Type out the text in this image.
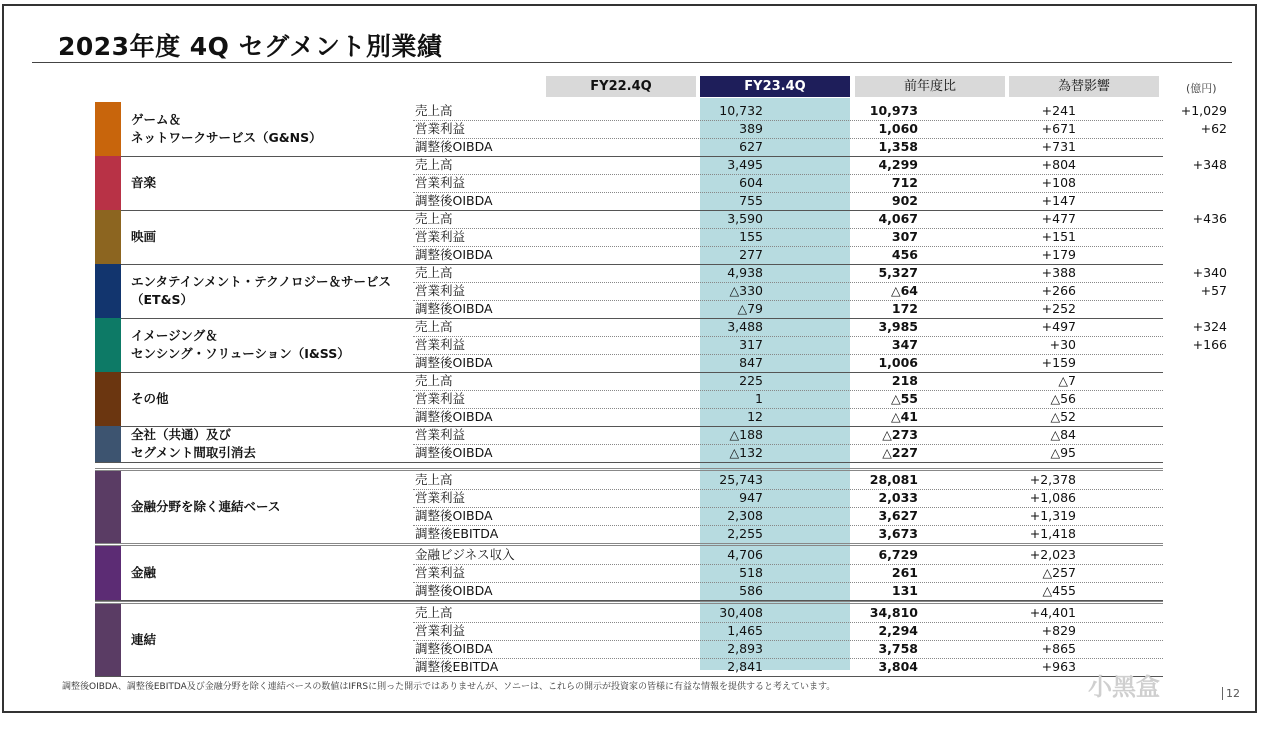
2023年度 4Q セグメント別業績
FY22.4Q	FY23.4Q	前年度比	為替影響	(億円)
ゲーム＆
ネットワークサービス（G&NS）
売上高	10,732	10,973	+241	+1,029
営業利益	389	1,060	+671	+62
調整後OIBDA	627	1,358	+731
音楽
売上高	3,495	4,299	+804	+348
営業利益	604	712	+108
調整後OIBDA	755	902	+147
映画
売上高	3,590	4,067	+477	+436
営業利益	155	307	+151
調整後OIBDA	277	456	+179
エンタテインメント・テクノロジー＆サービス
（ET&S）
売上高	4,938	5,327	+388	+340
営業利益	△330	△64	+266	+57
調整後OIBDA	△79	172	+252
イメージング＆
センシング・ソリューション（I&SS）
売上高	3,488	3,985	+497	+324
営業利益	317	347	+30	+166
調整後OIBDA	847	1,006	+159
その他
売上高	225	218	△7
営業利益	1	△55	△56
調整後OIBDA	12	△41	△52
全社（共通）及び
セグメント間取引消去
営業利益	△188	△273	△84
調整後OIBDA	△132	△227	△95
金融分野を除く連結ベース
売上高	25,743	28,081	+2,378
営業利益	947	2,033	+1,086
調整後OIBDA	2,308	3,627	+1,319
調整後EBITDA	2,255	3,673	+1,418
金融
金融ビジネス収入	4,706	6,729	+2,023
営業利益	518	261	△257
調整後OIBDA	586	131	△455
連結
売上高	30,408	34,810	+4,401
営業利益	1,465	2,294	+829
調整後OIBDA	2,893	3,758	+865
調整後EBITDA	2,841	3,804	+963
調整後OIBDA、調整後EBITDA及び金融分野を除く連結ベースの数値はIFRSに則った開示ではありませんが、ソニーは、これらの開示が投資家の皆様に有益な情報を提供すると考えています。	小黑盒	12
